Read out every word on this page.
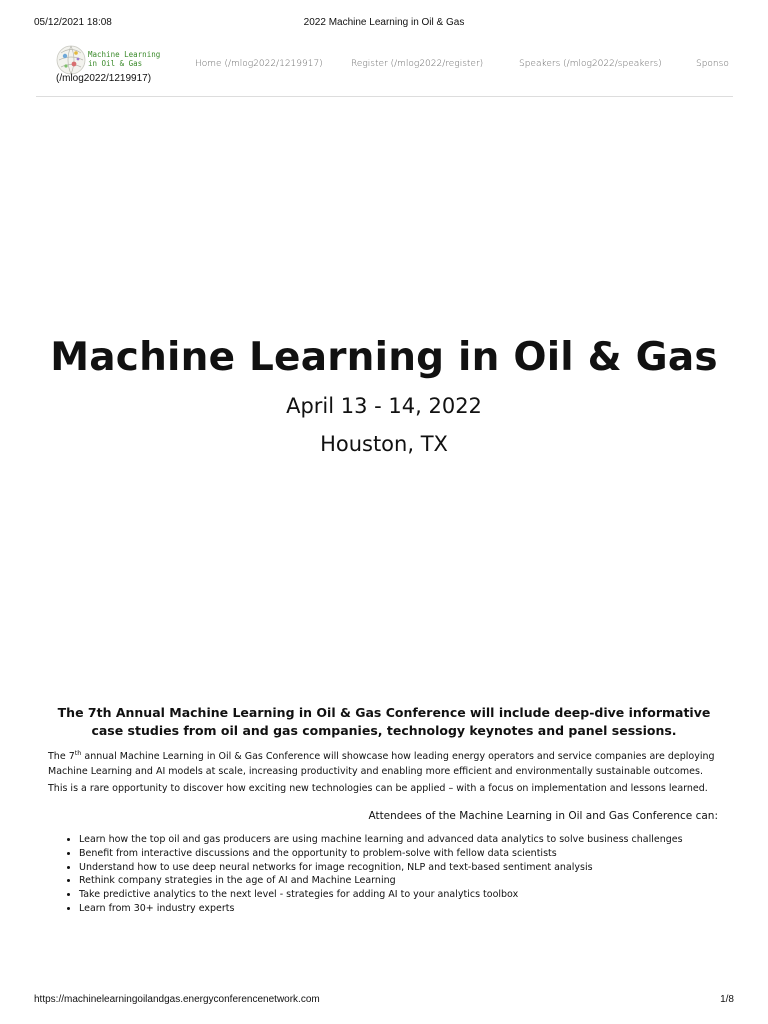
05/12/2021 18:08	2022 Machine Learning in Oil & Gas
Machine Learning
in Oil & Gas
(/mlog2022/1219917)
Home (/mlog2022/1219917)	Register (/mlog2022/register)	Speakers (/mlog2022/speakers)	Sponso
Machine Learning in Oil & Gas
April 13 - 14, 2022
Houston, TX

The 7th Annual Machine Learning in Oil & Gas Conference will include deep-dive informative case studies from oil and gas companies, technology keynotes and panel sessions.

The 7th annual Machine Learning in Oil & Gas Conference will showcase how leading energy operators and service companies are deploying Machine Learning and AI models at scale, increasing productivity and enabling more efficient and environmentally sustainable outcomes.

This is a rare opportunity to discover how exciting new technologies can be applied – with a focus on implementation and lessons learned.

Attendees of the Machine Learning in Oil and Gas Conference can:

• Learn how the top oil and gas producers are using machine learning and advanced data analytics to solve business challenges
• Benefit from interactive discussions and the opportunity to problem-solve with fellow data scientists
• Understand how to use deep neural networks for image recognition, NLP and text-based sentiment analysis
• Rethink company strategies in the age of AI and Machine Learning
• Take predictive analytics to the next level - strategies for adding AI to your analytics toolbox
• Learn from 30+ industry experts
https://machinelearningoilandgas.energyconferencenetwork.com	1/8
